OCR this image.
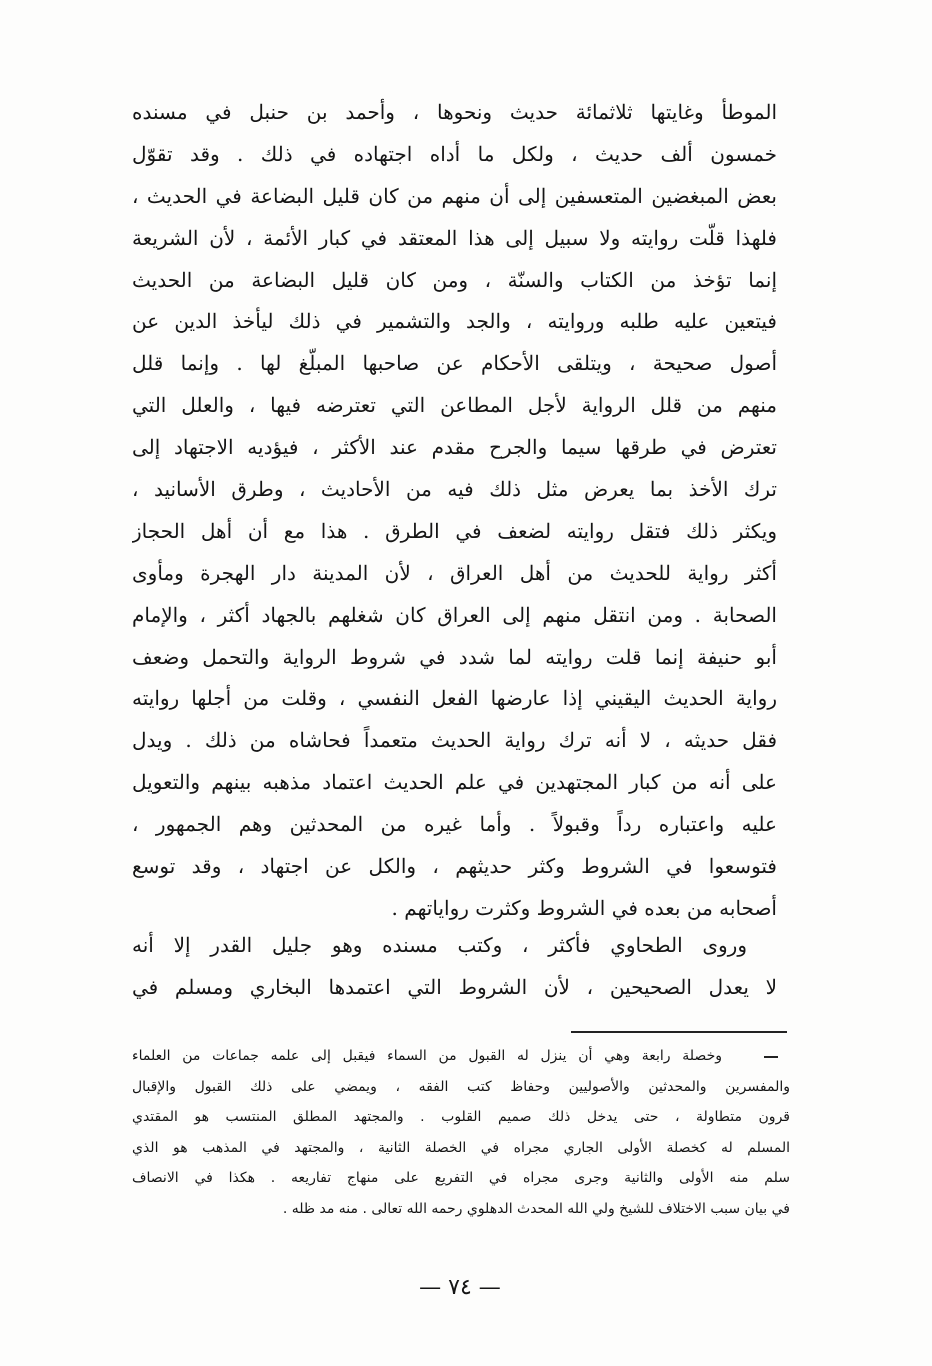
الموطأ وغايتها ثلاثمائة حديث ونحوها ، وأحمد بن حنبل في مسنده
خمسون ألف حديث ، ولكل ما أداه اجتهاده في ذلك . وقد تقوّل
بعض المبغضين المتعسفين إلى أن منهم من كان قليل البضاعة في الحديث ،
فلهذا قلّت روايته ولا سبيل إلى هذا المعتقد في كبار الأئمة ، لأن الشريعة
إنما تؤخذ من الكتاب والسنّة ، ومن كان قليل البضاعة من الحديث
فيتعين عليه طلبه وروايته ، والجد والتشمير في ذلك ليأخذ الدين عن
أصول صحيحة ، ويتلقى الأحكام عن صاحبها المبلّغ لها . وإنما قلل
منهم من قلل الرواية لأجل المطاعن التي تعترضه فيها ، والعلل التي
تعترض في طرقها سيما والجرح مقدم عند الأكثر ، فيؤديه الاجتهاد إلى
ترك الأخذ بما يعرض مثل ذلك فيه من الأحاديث ، وطرق الأسانيد ،
ويكثر ذلك فتقل روايته لضعف في الطرق . هذا مع أن أهل الحجاز
أكثر رواية للحديث من أهل العراق ، لأن المدينة دار الهجرة ومأوى
الصحابة . ومن انتقل منهم إلى العراق كان شغلهم بالجهاد أكثر ، والإمام
أبو حنيفة إنما قلت روايته لما شدد في شروط الرواية والتحمل وضعف
رواية الحديث اليقيني إذا عارضها الفعل النفسي ، وقلت من أجلها روايته
فقل حديثه ، لا أنه ترك رواية الحديث متعمداً فحاشاه من ذلك . ويدل
على أنه من كبار المجتهدين في علم الحديث اعتماد مذهبه بينهم والتعويل
عليه واعتباره رداً وقبولاً . وأما غيره من المحدثين وهم الجمهور ،
فتوسعوا في الشروط وكثر حديثهم ، والكل عن اجتهاد ، وقد توسع
أصحابه من بعده في الشروط وكثرت رواياتهم .
وروى الطحاوي فأكثر ، وكتب مسنده وهو جليل القدر إلا أنه
لا يعدل الصحيحين ، لأن الشروط التي اعتمدها البخاري ومسلم في
وخصلة رابعة وهي أن ينزل له القبول من السماء فيقبل إلى علمه جماعات من العلماء
والمفسرين والمحدثين والأصوليين وحفاظ كتب الفقه ، ويمضي على ذلك القبول والإقبال
قرون متطاولة ، حتى يدخل ذلك صميم القلوب . والمجتهد المطلق المنتسب هو المقتدي
المسلم له كخصلة الأولى الجاري مجراه في الخصلة الثانية ، والمجتهد في المذهب هو الذي
سلم منه الأولى والثانية وجرى مجراه في التفريع على منهاج تفاريعه . هكذا في الانصاف
في بيان سبب الاختلاف للشيخ ولي الله المحدث الدهلوي رحمه الله تعالى . منه مد ظله .
— ٧٤ —
